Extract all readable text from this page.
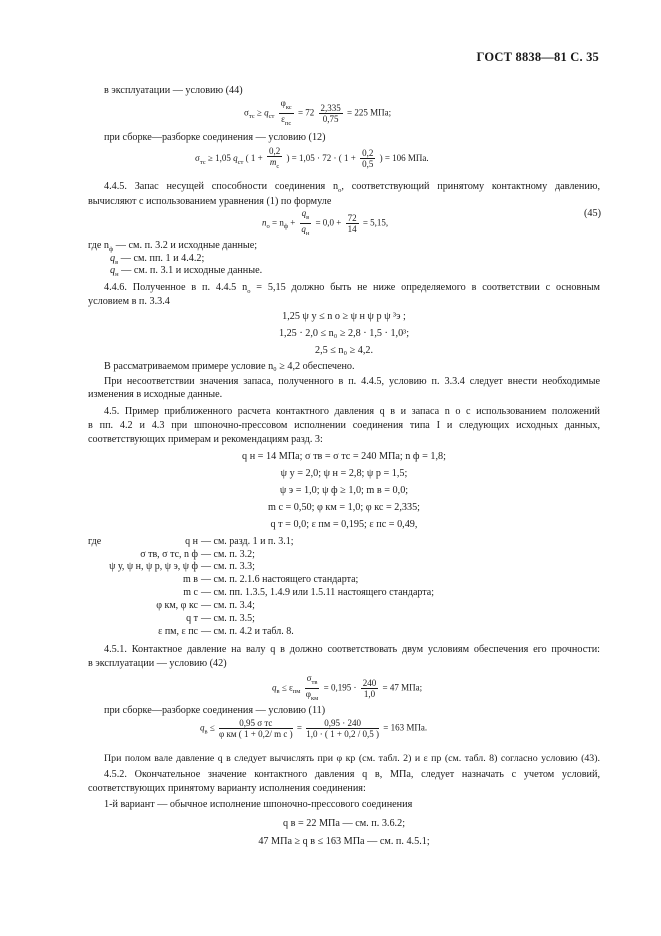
ГОСТ 8838—81 С. 35
в эксплуатации — условию (44)
$\sigma_{тс} \ge q_{ст}$
$\varphi_{кс}$
$\varepsilon_{пс}$
= $72 \frac{2,335}{0,75} = 225$ МПа;
при сборке—разборке соединения — условию (12)
$\sigma_{тс} \ge 1,05$ $q_{ст}$ ( 1 +
0,2
$m_с$
) = 1,05 · 72 · ( $1 + \frac{0,2}{0,5}$ ) = 106 МПа.
4.4.5. Запас несущей способности соединения $n_о$, соответствующий принятому контактному давлению,
вычисляют с использованием уравнения (1) по формуле
$n_о = n_ф$ +
$q_в$
$q_н$
= $0,0 + \frac{72}{14} = 5,15$,
(45)
где $n_ф$ — см. п. 3.2 и исходные данные;
$q_в$ — см. пп. 1 и 4.4.2;
$q_н$ — см. п. 3.1 и исходные данные.
4.4.6. Полученное в п. 4.4.5 $n_о = 5,15$ должно быть не ниже определяемого в соответствии с основным
условием в п. 3.3.4
1,25 ψ у ≤ n о ≥ ψ н ψ р ψ ³э ;
1,25 · 2,0 ≤ n₀ ≥ 2,8 · 1,5 · 1,0³;
2,5 ≤ n₀ ≥ 4,2.
В рассматриваемом примере условие n₀ ≥ 4,2 обеспечено.
При несоответствии значения запаса, полученного в п. 4.4.5, условию п. 3.3.4 следует внести необходимые
изменения в исходные данные.
4.5. Пример приближенного расчета контактного давления q в и запаса n о с использованием положений
в пп. 4.2 и 4.3 при шпоночно-прессовом исполнении соединения типа I и следующих исходных данных,
соответствующих примерам и рекомендациям разд. 3:
q н = 14 МПа; σ тв = σ тс = 240 МПа; n ф = 1,8;
ψ у = 2,0; ψ н = 2,8; ψ р = 1,5;
ψ э = 1,0; ψ ф ≥ 1,0; m в = 0,0;
m с = 0,50; φ км = 1,0; φ кс = 2,335;
q т = 0,0; ε пм = 0,195; ε пс = 0,49,
где	q н — см. разд. 1 и п. 3.1;
σ тв, σ тс, n ф — см. п. 3.2;
ψ у, ψ н, ψ р, ψ э, ψ ф — см. п. 3.3;
m в — см. п. 2.1.6 настоящего стандарта;
m с — см. пп. 1.3.5, 1.4.9 или 1.5.11 настоящего стандарта;
φ км, φ кс — см. п. 3.4;
q т — см. п. 3.5;
ε пм, ε пс — см. п. 4.2 и табл. 8.
4.5.1. Контактное давление на валу q в должно соответствовать двум условиям обеспечения его прочности:
в эксплуатации — условию (42)
$q_в \le \varepsilon_{пм}$
$\sigma_{тв}$
$\varphi_{км}$
= $0,195 \cdot \frac{240}{1,0} = 47$ МПа;
при сборке—разборке соединения — условию (11)
$q_в$ ≤	0,95 σ тс
φ км ( 1 + 0,2/ m с )
= $\frac{0,95 \cdot 240}{1,0 \cdot ( 1 + 0,2 / 0,5 )} = 163$ МПа.
При полом вале давление q в следует вычислять при φ кр (см. табл. 2) и ε пр (см. табл. 8) согласно условию (43).
4.5.2. Окончательное значение контактного давления q в, МПа, следует назначать с учетом условий,
соответствующих принятому варианту исполнения соединения:
1-й вариант — обычное исполнение шпоночно-прессового соединения
q в = 22 МПа — см. п. 3.6.2;
47 МПа ≥ q в ≤ 163 МПа — см. п. 4.5.1;
